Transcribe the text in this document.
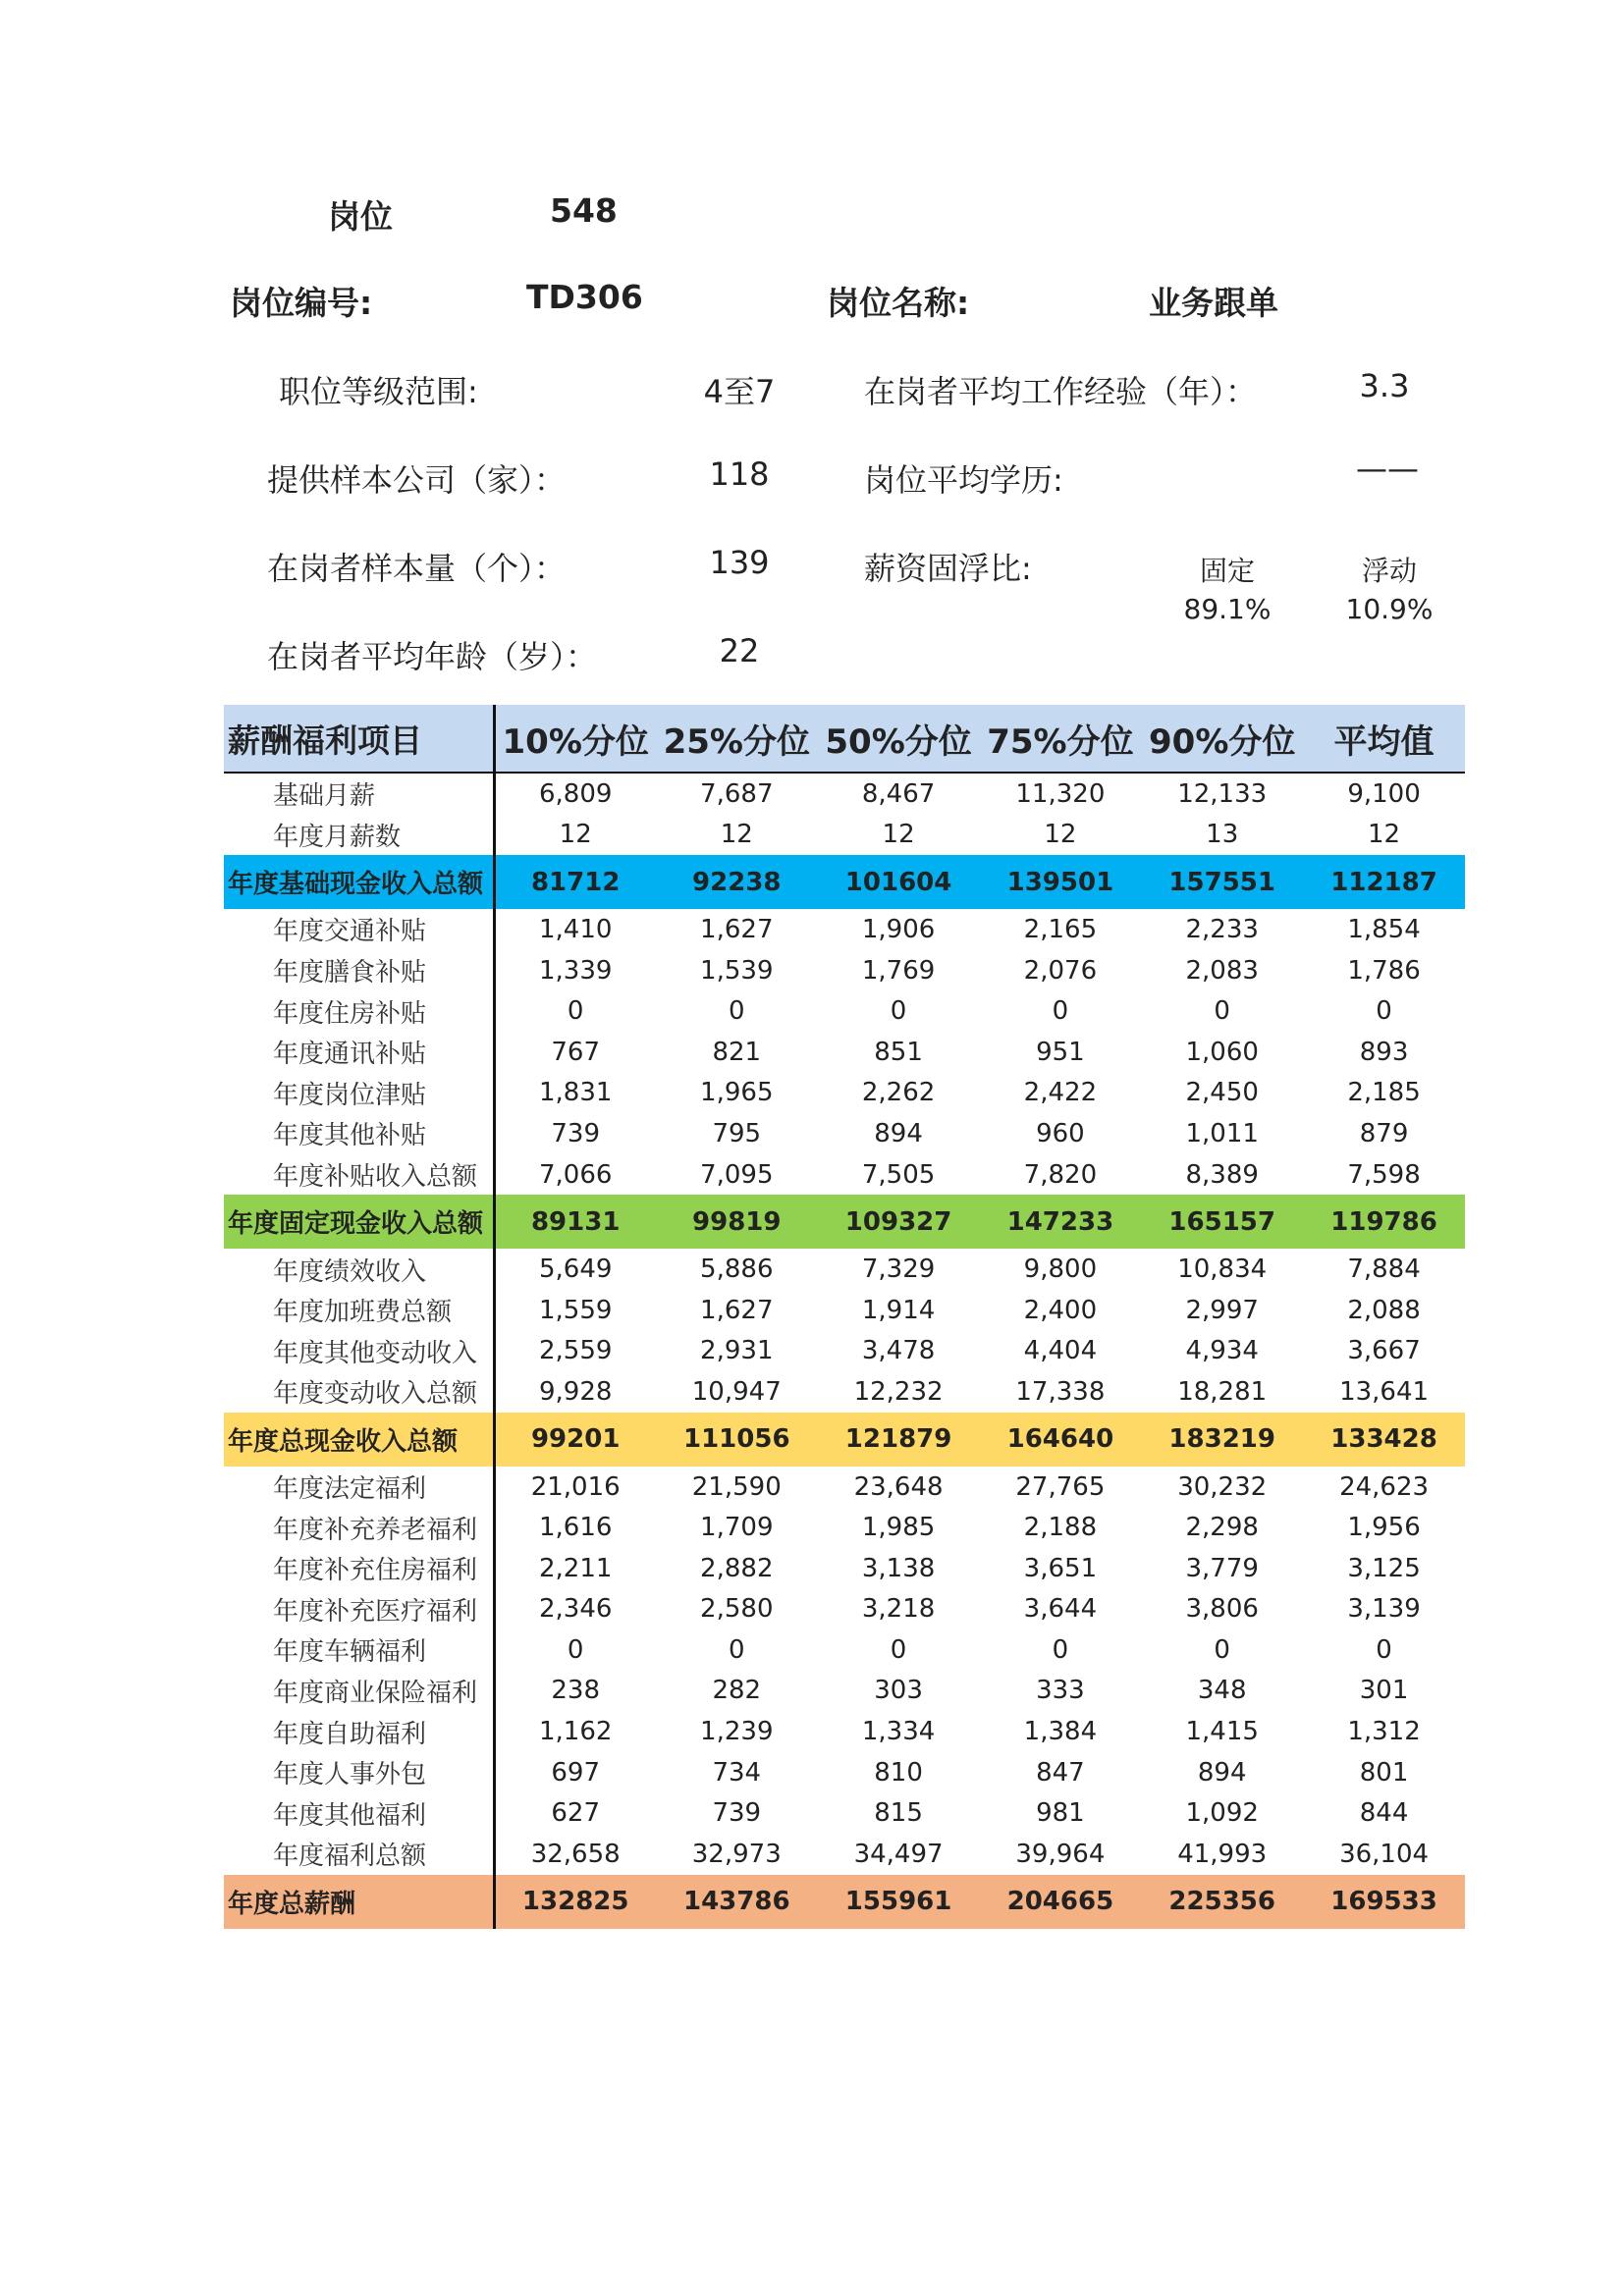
岗位	548
岗位编号:	TD306	岗位名称:	业务跟单
职位等级范围:	4至7	在岗者平均工作经验（年）：	3.3
提供样本公司（家）：	118	岗位平均学历:	——
在岗者样本量（个）：	139	薪资固浮比:	固定	浮动
89.1%	10.9%
在岗者平均年龄（岁）：	22
薪酬福利项目	10%分位	25%分位	50%分位	75%分位	90%分位	平均值
基础月薪	6,809	7,687	8,467	11,320	12,133	9,100
年度月薪数	12	12	12	12	13	12
年度基础现金收入总额	81712	92238	101604	139501	157551	112187
年度交通补贴	1,410	1,627	1,906	2,165	2,233	1,854
年度膳食补贴	1,339	1,539	1,769	2,076	2,083	1,786
年度住房补贴	0	0	0	0	0	0
年度通讯补贴	767	821	851	951	1,060	893
年度岗位津贴	1,831	1,965	2,262	2,422	2,450	2,185
年度其他补贴	739	795	894	960	1,011	879
年度补贴收入总额	7,066	7,095	7,505	7,820	8,389	7,598
年度固定现金收入总额	89131	99819	109327	147233	165157	119786
年度绩效收入	5,649	5,886	7,329	9,800	10,834	7,884
年度加班费总额	1,559	1,627	1,914	2,400	2,997	2,088
年度其他变动收入	2,559	2,931	3,478	4,404	4,934	3,667
年度变动收入总额	9,928	10,947	12,232	17,338	18,281	13,641
年度总现金收入总额	99201	111056	121879	164640	183219	133428
年度法定福利	21,016	21,590	23,648	27,765	30,232	24,623
年度补充养老福利	1,616	1,709	1,985	2,188	2,298	1,956
年度补充住房福利	2,211	2,882	3,138	3,651	3,779	3,125
年度补充医疗福利	2,346	2,580	3,218	3,644	3,806	3,139
年度车辆福利	0	0	0	0	0	0
年度商业保险福利	238	282	303	333	348	301
年度自助福利	1,162	1,239	1,334	1,384	1,415	1,312
年度人事外包	697	734	810	847	894	801
年度其他福利	627	739	815	981	1,092	844
年度福利总额	32,658	32,973	34,497	39,964	41,993	36,104
年度总薪酬	132825	143786	155961	204665	225356	169533
